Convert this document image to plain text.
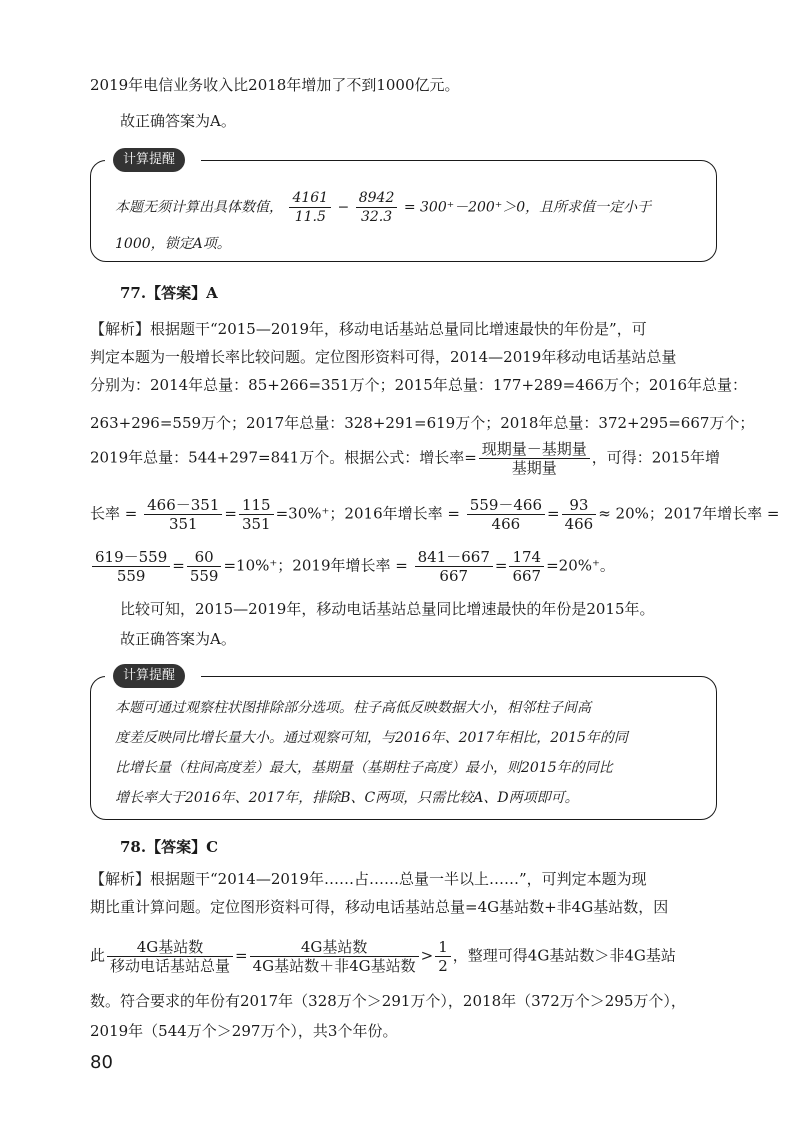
2019年电信业务收入比2018年增加了不到1000亿元。
故正确答案为A。
计算提醒
本题无须计算出具体数值， $\frac{4161}{11.5} - \frac{8942}{32.3} = 300^+-200^+>0$，且所求值一定小于
1000，锁定A项。
77.【答案】A
【解析】根据题干“2015—2019年，移动电话基站总量同比增速最快的年份是”，可
判定本题为一般增长率比较问题。定位图形资料可得，2014—2019年移动电话基站总量
分别为：2014年总量：85+266=351万个；2015年总量：177+289=466万个；2016年总量：
263+296=559万个；2017年总量：328+291=619万个；2018年总量：372+295=667万个；
2019年总量：544+297=841万个。根据公式：增长率= $\frac{\text{现期量－基期量}}{\text{基期量}}$ ，可得：2015年增
长率 = $\frac{466-351}{351} = \frac{115}{351} =30\%^+$；2016年增长率 = $\frac{559-466}{466} = \frac{93}{466} \approx 20\%$；2017年增长率 =
$\frac{619-559}{559} = \frac{60}{559} =10\%^+$；2019年增长率 = $\frac{841-667}{667} = \frac{174}{667} =20\%^+$。
比较可知，2015—2019年，移动电话基站总量同比增速最快的年份是2015年。
故正确答案为A。
计算提醒
本题可通过观察柱状图排除部分选项。柱子高低反映数据大小，相邻柱子间高
度差反映同比增长量大小。通过观察可知，与2016年、2017年相比，2015年的同
比增长量（柱间高度差）最大，基期量（基期柱子高度）最小，则2015年的同比
增长率大于2016年、2017年，排除B、C两项，只需比较A、D两项即可。
78.【答案】C
【解析】根据题干“2014—2019年……占……总量一半以上……”，可判定本题为现
期比重计算问题。定位图形资料可得，移动电话基站总量=4G基站数+非4G基站数，因
此 $\frac{\text{4G基站数}}{\text{移动电话基站总量}} = \frac{\text{4G基站数}}{\text{4G基站数＋非4G基站数}} > \frac{1}{2}$ ，整理可得4G基站数＞非4G基站
数。符合要求的年份有2017年（328万个＞291万个），2018年（372万个＞295万个），
2019年（544万个＞297万个），共3个年份。
80
